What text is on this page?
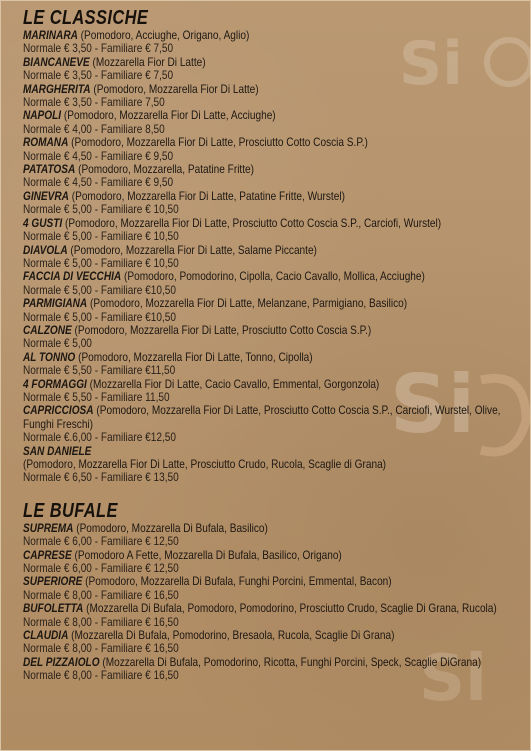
Si
Si
Si
LE CLASSICHE
MARINARA (Pomodoro, Acciughe, Origano, Aglio)
Normale € 3,50 - Familiare € 7,50
BIANCANEVE (Mozzarella Fior Di Latte)
Normale € 3,50 - Familiare € 7,50
MARGHERITA (Pomodoro, Mozzarella Fior Di Latte)
Normale € 3,50 - Familiare 7,50
NAPOLI (Pomodoro, Mozzarella Fior Di Latte, Acciughe)
Normale € 4,00 - Familiare 8,50
ROMANA (Pomodoro, Mozzarella Fior Di Latte, Prosciutto Cotto Coscia S.P.)
Normale € 4,50 - Familiare € 9,50
PATATOSA (Pomodoro, Mozzarella, Patatine Fritte)
Normale € 4,50 - Familiare € 9,50
GINEVRA (Pomodoro, Mozzarella Fior Di Latte, Patatine Fritte, Wurstel)
Normale € 5,00 - Familiare € 10,50
4 GUSTI (Pomodoro, Mozzarella Fior Di Latte, Prosciutto Cotto Coscia S.P., Carciofi, Wurstel)
Normale € 5,00 - Familiare € 10,50
DIAVOLA (Pomodoro, Mozzarella Fior Di Latte, Salame Piccante)
Normale € 5,00 - Familiare € 10,50
FACCIA DI VECCHIA (Pomodoro, Pomodorino, Cipolla, Cacio Cavallo, Mollica, Acciughe)
Normale € 5,00 - Familiare €10,50
PARMIGIANA (Pomodoro, Mozzarella Fior Di Latte, Melanzane, Parmigiano, Basilico)
Normale € 5,00 - Familiare €10,50
CALZONE (Pomodoro, Mozzarella Fior Di Latte, Prosciutto Cotto Coscia S.P.)
Normale € 5,00
AL TONNO (Pomodoro, Mozzarella Fior Di Latte, Tonno, Cipolla)
Normale € 5,50 - Familiare €11,50
4 FORMAGGI (Mozzarella Fior Di Latte, Cacio Cavallo, Emmental, Gorgonzola)
Normale € 5,50 - Familiare 11,50
CAPRICCIOSA (Pomodoro, Mozzarella Fior Di Latte, Prosciutto Cotto Coscia S.P., Carciofi, Wurstel, Olive, Funghi Freschi)
Normale €.6,00 - Familiare €12,50
SAN DANIELE
(Pomodoro, Mozzarella Fior Di Latte, Prosciutto Crudo, Rucola, Scaglie di Grana)
Normale € 6,50 - Familiare € 13,50
LE BUFALE
SUPREMA (Pomodoro, Mozzarella Di Bufala, Basilico)
Normale € 6,00 - Familiare € 12,50
CAPRESE (Pomodoro A Fette, Mozzarella Di Bufala, Basilico, Origano)
Normale € 6,00 - Familiare € 12,50
SUPERIORE (Pomodoro, Mozzarella Di Bufala, Funghi Porcini, Emmental, Bacon)
Normale € 8,00 - Familiare € 16,50
BUFOLETTA (Mozzarella Di Bufala, Pomodoro, Pomodorino, Prosciutto Crudo, Scaglie Di Grana, Rucola)
Normale € 8,00 - Familiare € 16,50
CLAUDIA (Mozzarella Di Bufala, Pomodorino, Bresaola, Rucola, Scaglie Di Grana)
Normale € 8,00 - Familiare € 16,50
DEL PIZZAIOLO (Mozzarella Di Bufala, Pomodorino, Ricotta, Funghi Porcini, Speck, Scaglie DiGrana)
Normale € 8,00 - Familiare € 16,50
